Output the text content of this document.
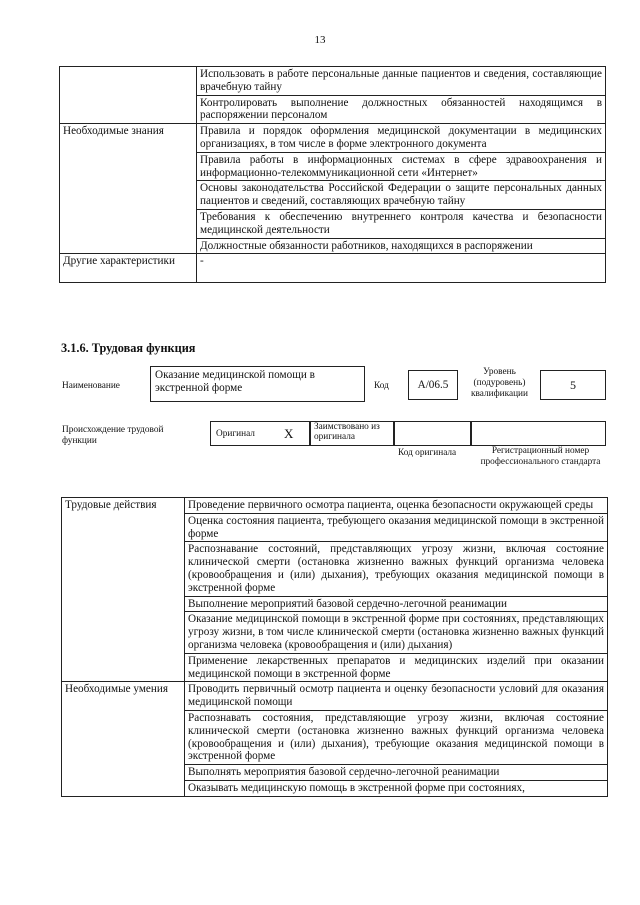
13
	Использовать в работе персональные данные пациентов и сведения, составляющие врачебную тайну
	Контролировать выполнение должностных обязанностей находящимся в распоряжении персоналом
Необходимые знания	Правила и порядок оформления медицинской документации в медицинских организациях, в том числе в форме электронного документа
	Правила работы в информационных системах в сфере здравоохранения и информационно-телекоммуникационной сети «Интернет»
	Основы законодательства Российской Федерации о защите персональных данных пациентов и сведений, составляющих врачебную тайну
	Требования к обеспечению внутреннего контроля качества и безопасности медицинской деятельности
	Должностные обязанности работников, находящихся в распоряжении
Другие характеристики	-
3.1.6. Трудовая функция
Наименование
Оказание медицинской помощи в экстренной форме	Код	А/06.5
Уровень (подуровень) квалификации
5
Происхождение трудовой функции
Оригинал X Заимствовано из оригинала
Код оригинала	Регистрационный номер профессионального стандарта
Трудовые действия	Проведение первичного осмотра пациента, оценка безопасности окружающей среды
	Оценка состояния пациента, требующего оказания медицинской помощи в экстренной форме
	Распознавание состояний, представляющих угрозу жизни, включая состояние клинической смерти (остановка жизненно важных функций организма человека (кровообращения и (или) дыхания), требующих оказания медицинской помощи в экстренной форме
	Выполнение мероприятий базовой сердечно-легочной реанимации
	Оказание медицинской помощи в экстренной форме при состояниях, представляющих угрозу жизни, в том числе клинической смерти (остановка жизненно важных функций организма человека (кровообращения и (или) дыхания)
	Применение лекарственных препаратов и медицинских изделий при оказании медицинской помощи в экстренной форме
Необходимые умения	Проводить первичный осмотр пациента и оценку безопасности условий для оказания медицинской помощи
	Распознавать состояния, представляющие угрозу жизни, включая состояние клинической смерти (остановка жизненно важных функций организма человека (кровообращения и (или) дыхания), требующие оказания медицинской помощи в экстренной форме
	Выполнять мероприятия базовой сердечно-легочной реанимации
	Оказывать медицинскую помощь в экстренной форме при состояниях,
